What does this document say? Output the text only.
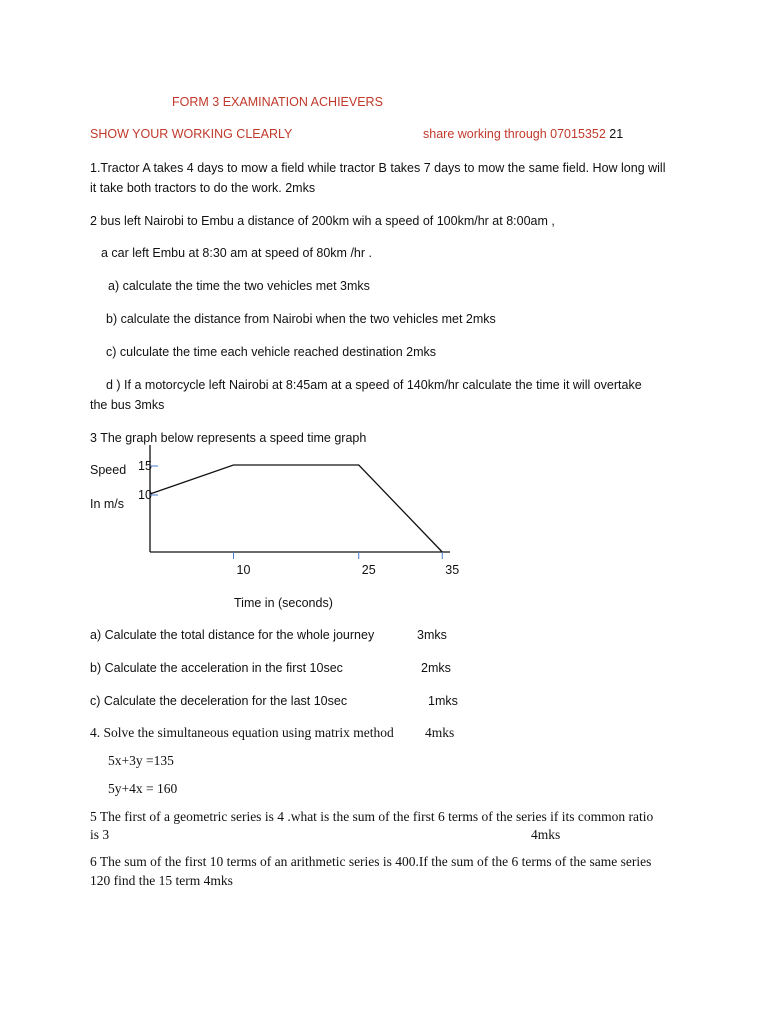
FORM 3 EXAMINATION ACHIEVERS
SHOW YOUR WORKING CLEARLY	share working through 07015352 21
1.Tractor A takes 4 days to mow a field while tractor B takes 7 days to mow the same field. How long will
it take both tractors to do the work. 2mks
2 bus left Nairobi to Embu a distance of 200km wih a speed of 100km/hr at 8:00am ,
a car left Embu at 8:30 am at speed of 80km /hr .
a) calculate the time the two vehicles met 3mks
b) calculate the distance from Nairobi when the two vehicles met 2mks
c) culculate the time each vehicle reached destination 2mks
d ) If a motorcycle left Nairobi at 8:45am at a speed of 140km/hr calculate the time it will overtake
the bus 3mks
3 The graph below represents a speed time graph
Speed
In m/s
10	25	35
15
10
Time in (seconds)
a) Calculate the total distance for the whole journey	3mks
b) Calculate the acceleration in the first 10sec	2mks
c) Calculate the deceleration for the last 10sec	1mks
4. Solve the simultaneous equation using matrix method 4mks
5x+3y =135
5y+4x = 160
5 The first of a geometric series is 4 .what is the sum of the first 6 terms of the series if its common ratio
is 3	4mks
6 The sum of the first 10 terms of an arithmetic series is 400.If the sum of the 6 terms of the same series
120 find the 15 term 4mks
